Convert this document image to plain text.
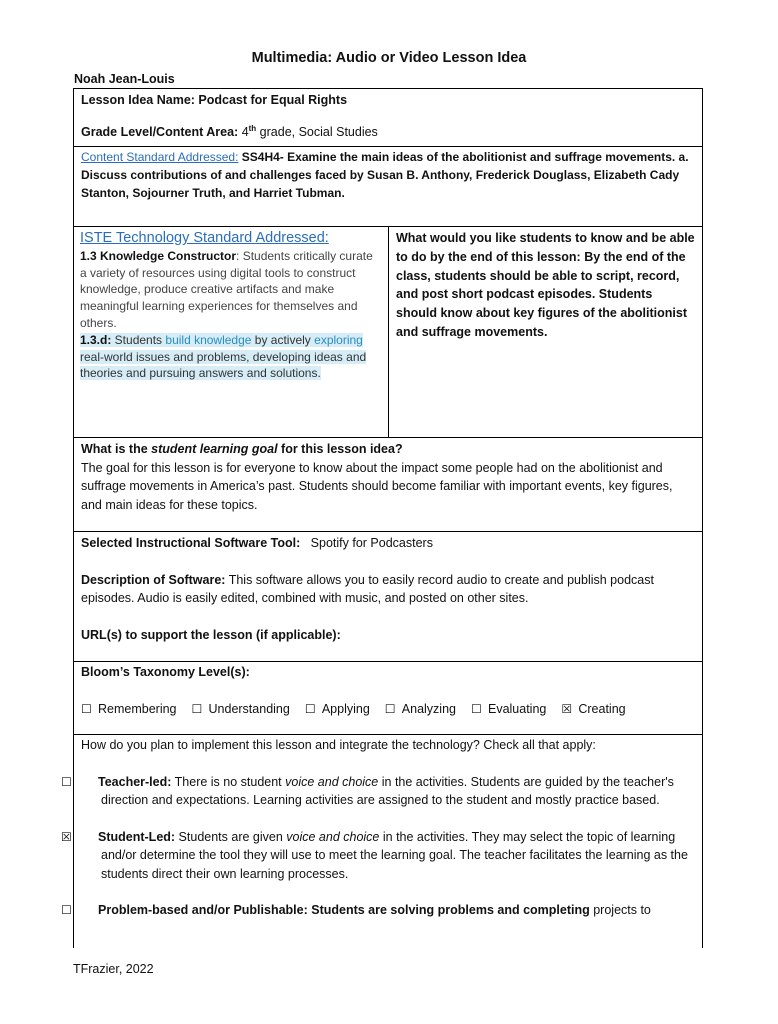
Multimedia: Audio or Video Lesson Idea
Noah Jean-Louis

Lesson Idea Name: Podcast for Equal Rights

Grade Level/Content Area: 4th grade, Social Studies

Content Standard Addressed: SS4H4- Examine the main ideas of the abolitionist and suffrage movements. a. Discuss contributions of and challenges faced by Susan B. Anthony, Frederick Douglass, Elizabeth Cady Stanton, Sojourner Truth, and Harriet Tubman.

ISTE Technology Standard Addressed:

1.3 Knowledge Constructor: Students critically curate a variety of resources using digital tools to construct knowledge, produce creative artifacts and make meaningful learning experiences for themselves and others.

1.3.d: Students build knowledge by actively exploring real-world issues and problems, developing ideas and theories and pursuing answers and solutions.

What would you like students to know and be able to do by the end of this lesson: By the end of the class, students should be able to script, record, and post short podcast episodes. Students should know about key figures of the abolitionist and suffrage movements.

What is the student learning goal for this lesson idea?

The goal for this lesson is for everyone to know about the impact some people had on the abolitionist and suffrage movements in America’s past. Students should become familiar with important events, key figures, and main ideas for these topics.

Selected Instructional Software Tool: Spotify for Podcasters

Description of Software: This software allows you to easily record audio to create and publish podcast episodes. Audio is easily edited, combined with music, and posted on other sites.

URL(s) to support the lesson (if applicable):

Bloom’s Taxonomy Level(s):

☐ Remembering ☐ Understanding ☐ Applying ☐ Analyzing ☐ Evaluating ☒ Creating

How do you plan to implement this lesson and integrate the technology? Check all that apply:

☐ Teacher-led: There is no student voice and choice in the activities. Students are guided by the teacher's direction and expectations. Learning activities are assigned to the student and mostly practice based.

☒ Student-Led: Students are given voice and choice in the activities. They may select the topic of learning and/or determine the tool they will use to meet the learning goal. The teacher facilitates the learning as the students direct their own learning processes.

☐ Problem-based and/or Publishable: Students are solving problems and completing projects to

TFrazier, 2022
